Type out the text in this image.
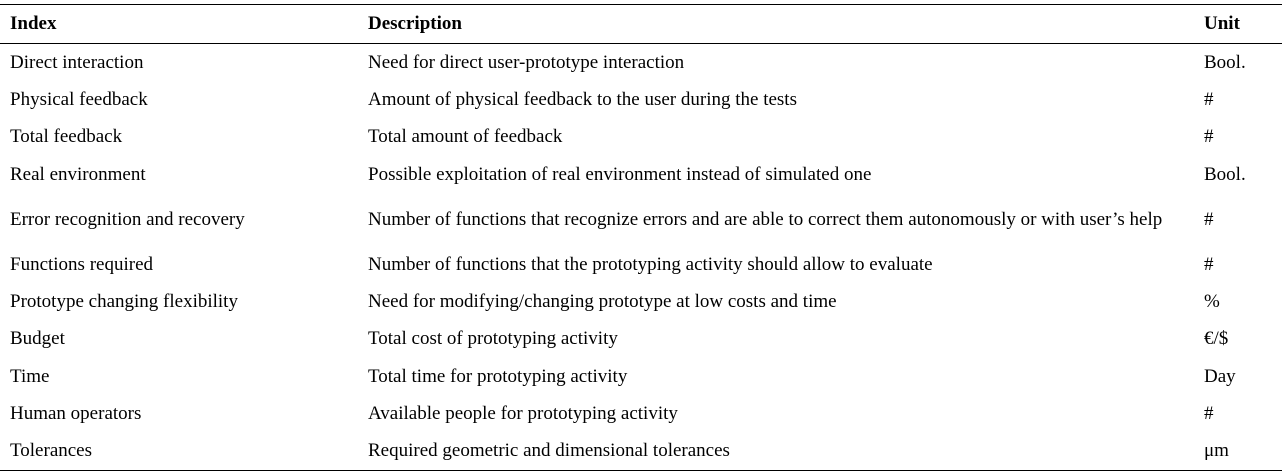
Index	Description	Unit
Direct interaction	Need for direct user-prototype interaction	Bool.
Physical feedback	Amount of physical feedback to the user during the tests	#
Total feedback	Total amount of feedback	#
Real environment	Possible exploitation of real environment instead of simulated one	Bool.
Error recognition and recovery	Number of functions that recognize errors and are able to correct them autonomously or with user’s help	#
Functions required	Number of functions that the prototyping activity should allow to evaluate	#
Prototype changing flexibility	Need for modifying/changing prototype at low costs and time	%
Budget	Total cost of prototyping activity	€/$
Time	Total time for prototyping activity	Day
Human operators	Available people for prototyping activity	#
Tolerances	Required geometric and dimensional tolerances	μm
